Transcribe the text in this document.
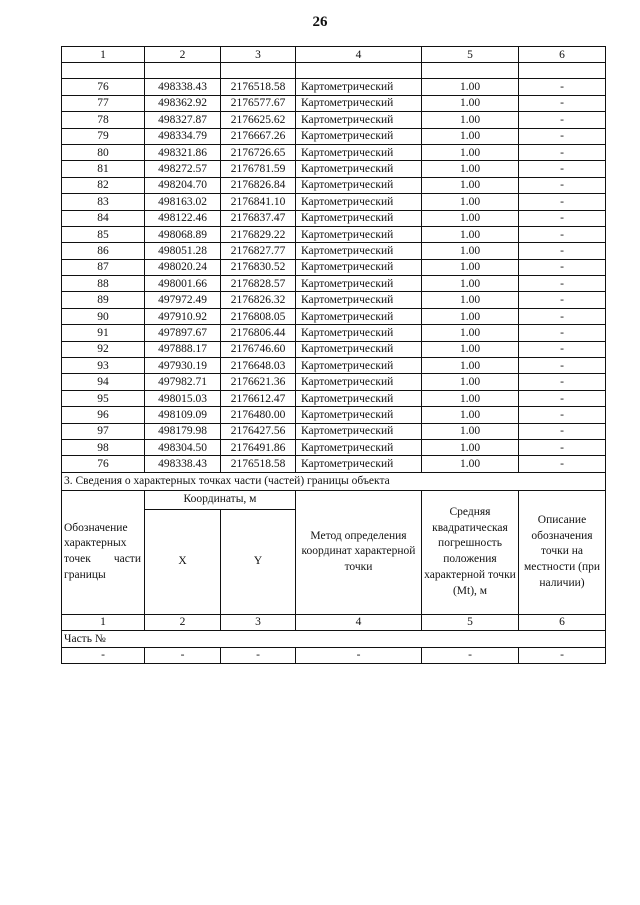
26
1	2	3	4	5	6

76	498338.43	2176518.58	Картометрический	1.00	-
77	498362.92	2176577.67	Картометрический	1.00	-
78	498327.87	2176625.62	Картометрический	1.00	-
79	498334.79	2176667.26	Картометрический	1.00	-
80	498321.86	2176726.65	Картометрический	1.00	-
81	498272.57	2176781.59	Картометрический	1.00	-
82	498204.70	2176826.84	Картометрический	1.00	-
83	498163.02	2176841.10	Картометрический	1.00	-
84	498122.46	2176837.47	Картометрический	1.00	-
85	498068.89	2176829.22	Картометрический	1.00	-
86	498051.28	2176827.77	Картометрический	1.00	-
87	498020.24	2176830.52	Картометрический	1.00	-
88	498001.66	2176828.57	Картометрический	1.00	-
89	497972.49	2176826.32	Картометрический	1.00	-
90	497910.92	2176808.05	Картометрический	1.00	-
91	497897.67	2176806.44	Картометрический	1.00	-
92	497888.17	2176746.60	Картометрический	1.00	-
93	497930.19	2176648.03	Картометрический	1.00	-
94	497982.71	2176621.36	Картометрический	1.00	-
95	498015.03	2176612.47	Картометрический	1.00	-
96	498109.09	2176480.00	Картометрический	1.00	-
97	498179.98	2176427.56	Картометрический	1.00	-
98	498304.50	2176491.86	Картометрический	1.00	-
76	498338.43	2176518.58	Картометрический	1.00	-
3. Сведения о характерных точках части (частей) границы объекта					
Обозначение характерных точек части границы	Координаты, м		Метод определения координат характерной точки	Средняя квадратическая погрешность положения характерной точки (Mt), м	Описание обозначения точки на местности (при наличии)
	X	Y			
1	2	3	4	5	6
Часть №					
-	-	-	-	-	-
